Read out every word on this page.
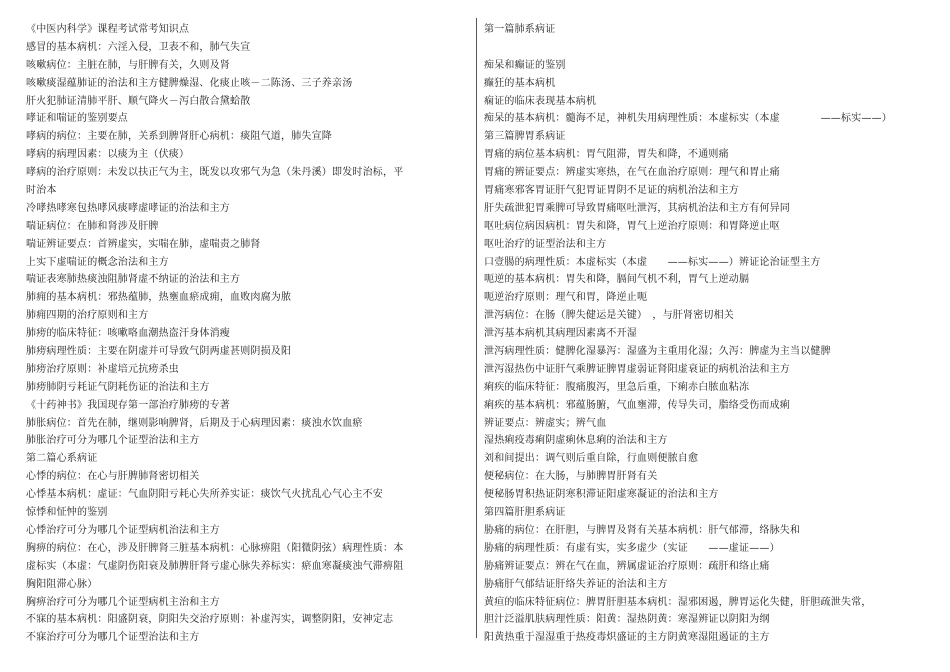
《中医内科学》课程考试常考知识点
感冒的基本病机：六淫入侵，卫表不和，肺气失宣
咳嗽病位：主脏在肺，与肝脾有关，久则及肾
咳嗽痰湿蕴肺证的治法和主方健脾燥湿、化痰止咳－二陈汤、三子养亲汤
肝火犯肺证清肺平肝、顺气降火－泻白散合黛蛤散
哮证和喘证的鉴别要点
哮病的病位：主要在肺，关系到脾肾肝心病机：痰阻气道，肺失宣降
哮病的病理因素：以痰为主（伏痰）
哮病的治疗原则：未发以扶正气为主，既发以攻邪气为急（朱丹溪）即发时治标，平
时治本
冷哮热哮寒包热哮风痰哮虚哮证的治法和主方
喘证病位：在肺和肾涉及肝脾
喘证辨证要点：首辨虚实，实喘在肺，虚喘责之肺肾
上实下虚喘证的概念治法和主方
喘证表寒肺热痰浊阻肺肾虚不纳证的治法和主方
肺痈的基本病机：邪热蕴肺，热壅血瘀成痈，血败肉腐为脓
肺痈四期的治疗原则和主方
肺痨的临床特征：咳嗽咯血潮热盗汗身体消瘦
肺痨病理性质：主要在阴虚并可导致气阴两虚甚则阴损及阳
肺痨治疗原则：补虚培元抗痨杀虫
肺痨肺阴亏耗证气阴耗伤证的治法和主方
《十药神书》我国现存第一部治疗肺痨的专著
肺胀病位：首先在肺，继则影响脾肾，后期及于心病理因素：痰浊水饮血瘀
肺胀治疗可分为哪几个证型治法和主方
第二篇心系病证
心悸的病位：在心与肝脾肺肾密切相关
心悸基本病机：虚证：气血阴阳亏耗心失所养实证：痰饮气火扰乱心气心主不安
惊悸和怔忡的鉴别
心悸治疗可分为哪几个证型病机治法和主方
胸痹的病位：在心，涉及肝脾肾三脏基本病机：心脉痹阻（阳微阴弦）病理性质：本
虚标实（本虚：气虚阴伤阳衰及肺脾肝肾亏虚心脉失养标实：瘀血寒凝痰浊气滞痹阻
胸阳阻滞心脉）
胸痹治疗可分为哪几个证型病机主治和主方
不寐的基本病机：阳盛阴衰，阴阳失交治疗原则：补虚泻实，调整阴阳，安神定志
不寐治疗可分为哪几个证型治法和主方
第一篇肺系病证
痴呆和癫证的鉴别
癫狂的基本病机
痫证的临床表现基本病机
痴呆的基本病机：髓海不足，神机失用病理性质：本虚标实（本虚　　　　——标实——）
第三篇脾胃系病证
胃痛的病位基本病机：胃气阻滞，胃失和降，不通则痛
胃痛的辨证要点：辨虚实寒热，在气在血治疗原则：理气和胃止痛
胃痛寒邪客胃证肝气犯胃证胃阴不足证的病机治法和主方
肝失疏泄犯胃乘脾可导致胃痛呕吐泄泻，其病机治法和主方有何异同
呕吐病位病因病机：胃失和降，胃气上逆治疗原则：和胃降逆止呕
呕吐治疗的证型治法和主方
口壹腸的病理性质：本虚标实（本虚　　——标实——）辨证论治证型主方
呃逆的基本病机：胃失和降，膈间气机不利，胃气上逆动膈
呃逆治疗原则：理气和胃，降逆止呃
泄泻病位：在肠（脾失健运是关键）　，与肝肾密切相关
泄泻基本病机其病理因素离不开湿
泄泻病理性质：健脾化湿暴泻：湿盛为主重用化湿；久泻：脾虚为主当以健脾
泄泻湿热伤中证肝气乘脾证脾胃虚弱证肾阳虚衰证的病机治法和主方
痢疾的临床特征：腹痛腹泻，里急后重，下痢赤白脓血粘冻
痢疾的基本病机：邪蕴肠腑，气血壅滞，传导失司，脂络受伤而成痢
辨证要点：辨虚实；辨气血
湿热痢疫毒痢阴虚痢休息痢的治法和主方
刘和间提出：调气则后重自除，行血则便脓自愈
便秘病位：在大肠，与肺脾胃肝肾有关
便秘肠胃积热证阴寒积滞证阳虚寒凝证的治法和主方
第四篇肝胆系病证
胁痛的病位：在肝胆，与脾胃及肾有关基本病机：肝气郁滞，络脉失和
胁痛的病理性质：有虚有实，实多虚少（实证　　——虚证——）
胁痛辨证要点：辨在气在血，辨属虚证治疗原则：疏肝和络止痛
胁痛肝气郁结证肝络失养证的治法和主方
黄疸的临床特征病位：脾胃肝胆基本病机：湿邪困遏，脾胃运化失健，肝胆疏泄失常，
胆汁泛溢肌肤病理性质：阳黄：湿热阴黄：寒湿辨证以阴阳为纲
阳黄热重于湿湿重于热疫毒炽盛证的主方阴黄寒湿阻遏证的主方
